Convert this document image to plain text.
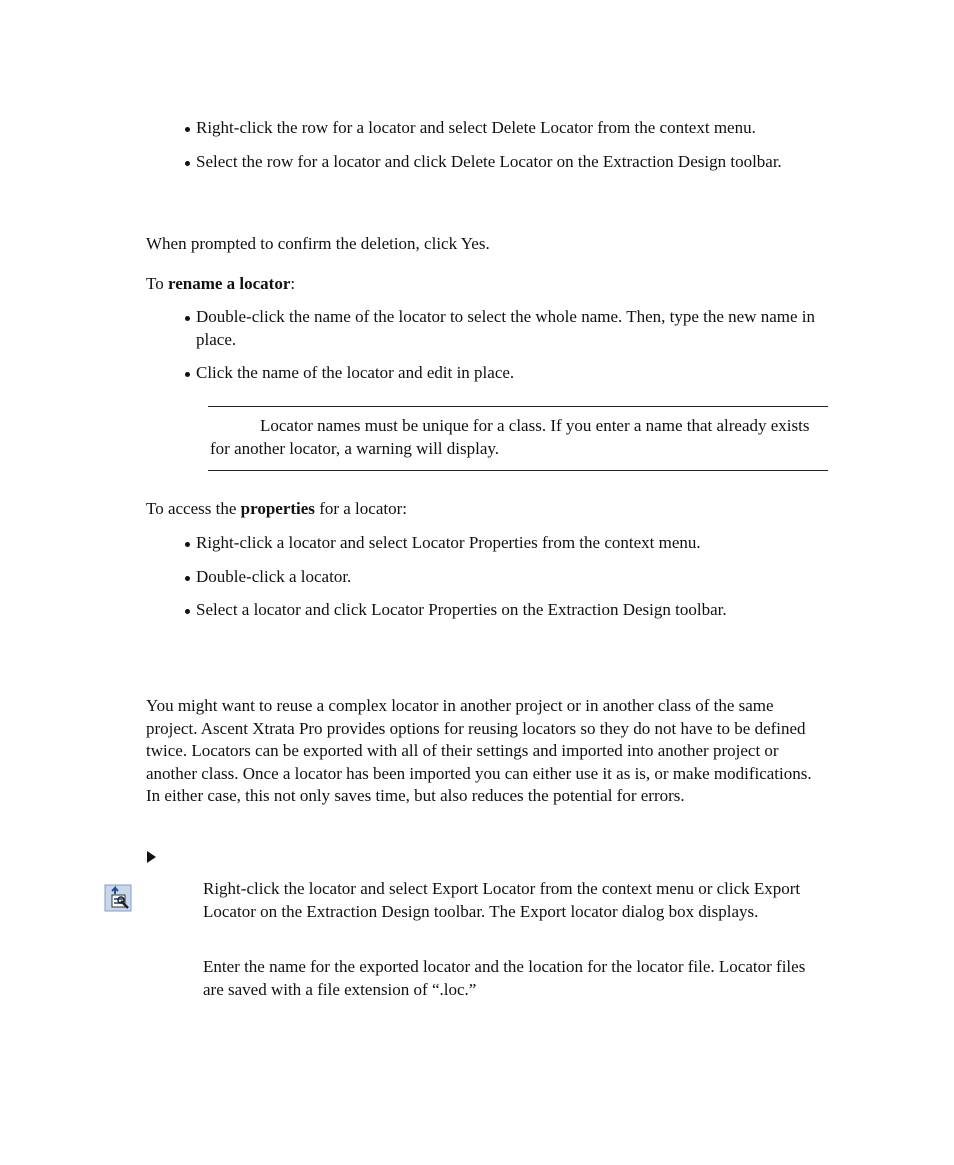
Right-click the row for a locator and select Delete Locator from the context menu.
Select the row for a locator and click Delete Locator on the Extraction Design toolbar.

When prompted to confirm the deletion, click Yes.

To rename a locator:

Double-click the name of the locator to select the whole name. Then, type the new name in place.
Click the name of the locator and edit in place.

Locator names must be unique for a class. If you enter a name that already exists for another locator, a warning will display.

To access the properties for a locator:

Right-click a locator and select Locator Properties from the context menu.
Double-click a locator.
Select a locator and click Locator Properties on the Extraction Design toolbar.

You might want to reuse a complex locator in another project or in another class of the same project. Ascent Xtrata Pro provides options for reusing locators so they do not have to be defined twice. Locators can be exported with all of their settings and imported into another project or another class. Once a locator has been imported you can either use it as is, or make modifications. In either case, this not only saves time, but also reduces the potential for errors.

Right-click the locator and select Export Locator from the context menu or click Export Locator on the Extraction Design toolbar. The Export locator dialog box displays.

Enter the name for the exported locator and the location for the locator file. Locator files are saved with a file extension of “.loc.”
